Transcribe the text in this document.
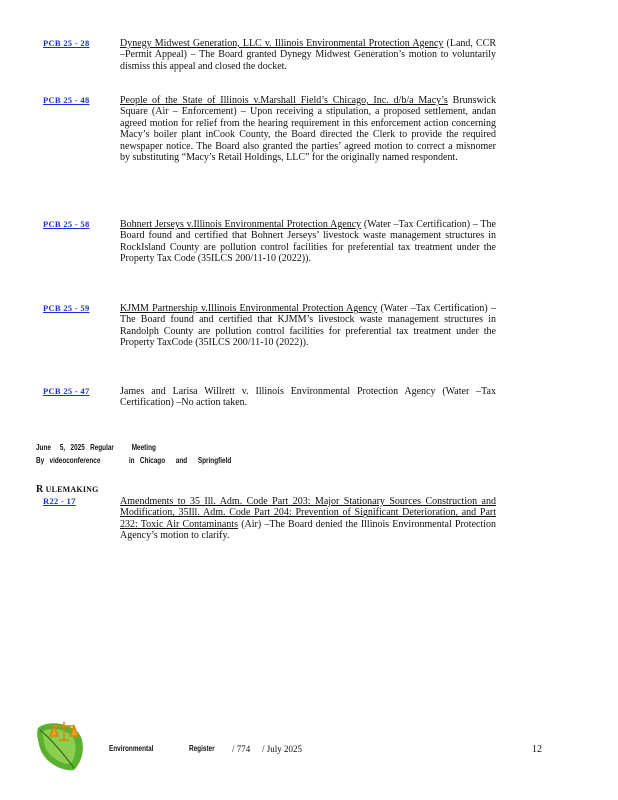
PCB 25 - 28	Dynegy Midwest Generation, LLC v. Illinois Environmental Protection Agency (Land, CCR –Permit Appeal) – The Board granted Dynegy Midwest Generation’s motion to voluntarily dismiss this appeal and closed the docket.
PCB 25 - 48	People of the State of Illinois v.Marshall Field’s Chicago, Inc. d/b/a Macy’s Brunswick Square (Air – Enforcement) – Upon receiving a stipulation, a proposed settlement, andan agreed motion for relief from the hearing requirement in this enforcement action concerning Macy’s boiler plant inCook County, the Board directed the Clerk to provide the required newspaper notice. The Board also granted the parties’ agreed motion to correct a misnomer by substituting “Macy’s Retail Holdings, LLC” for the originally named respondent.
PCB 25 - 58	Bohnert Jerseys v.Illinois Environmental Protection Agency (Water –Tax Certification) – The Board found and certified that Bohnert Jerseys’ livestock waste management structures in RockIsland County are pollution control facilities for preferential tax treatment under the Property Tax Code (35ILCS 200/11-10 (2022)).
PCB 25 - 59	KJMM Partnership v.Illinois Environmental Protection Agency (Water –Tax Certification) – The Board found and certified that KJMM’s livestock waste management structures in Randolph County are pollution control facilities for preferential tax treatment under the Property TaxCode (35ILCS 200/11-10 (2022)).
PCB 25 - 47	James and Larisa Willrett v. Illinois Environmental Protection Agency (Water –Tax Certification) –No action taken.
June 5, 2025 Regular Meeting
By videoconference	in Chicago and Springfield
R ULEMAKING
R22 - 17	Amendments to 35 Ill. Adm. Code Part 203: Major Stationary Sources Construction and Modification, 35Ill. Adm. Code Part 204: Prevention of Significant Deterioration, and Part 232: Toxic Air Contaminants (Air) –The Board denied the Illinois Environmental Protection Agency’s motion to clarify.
Environmental	Register / 774 / July 2025	12
